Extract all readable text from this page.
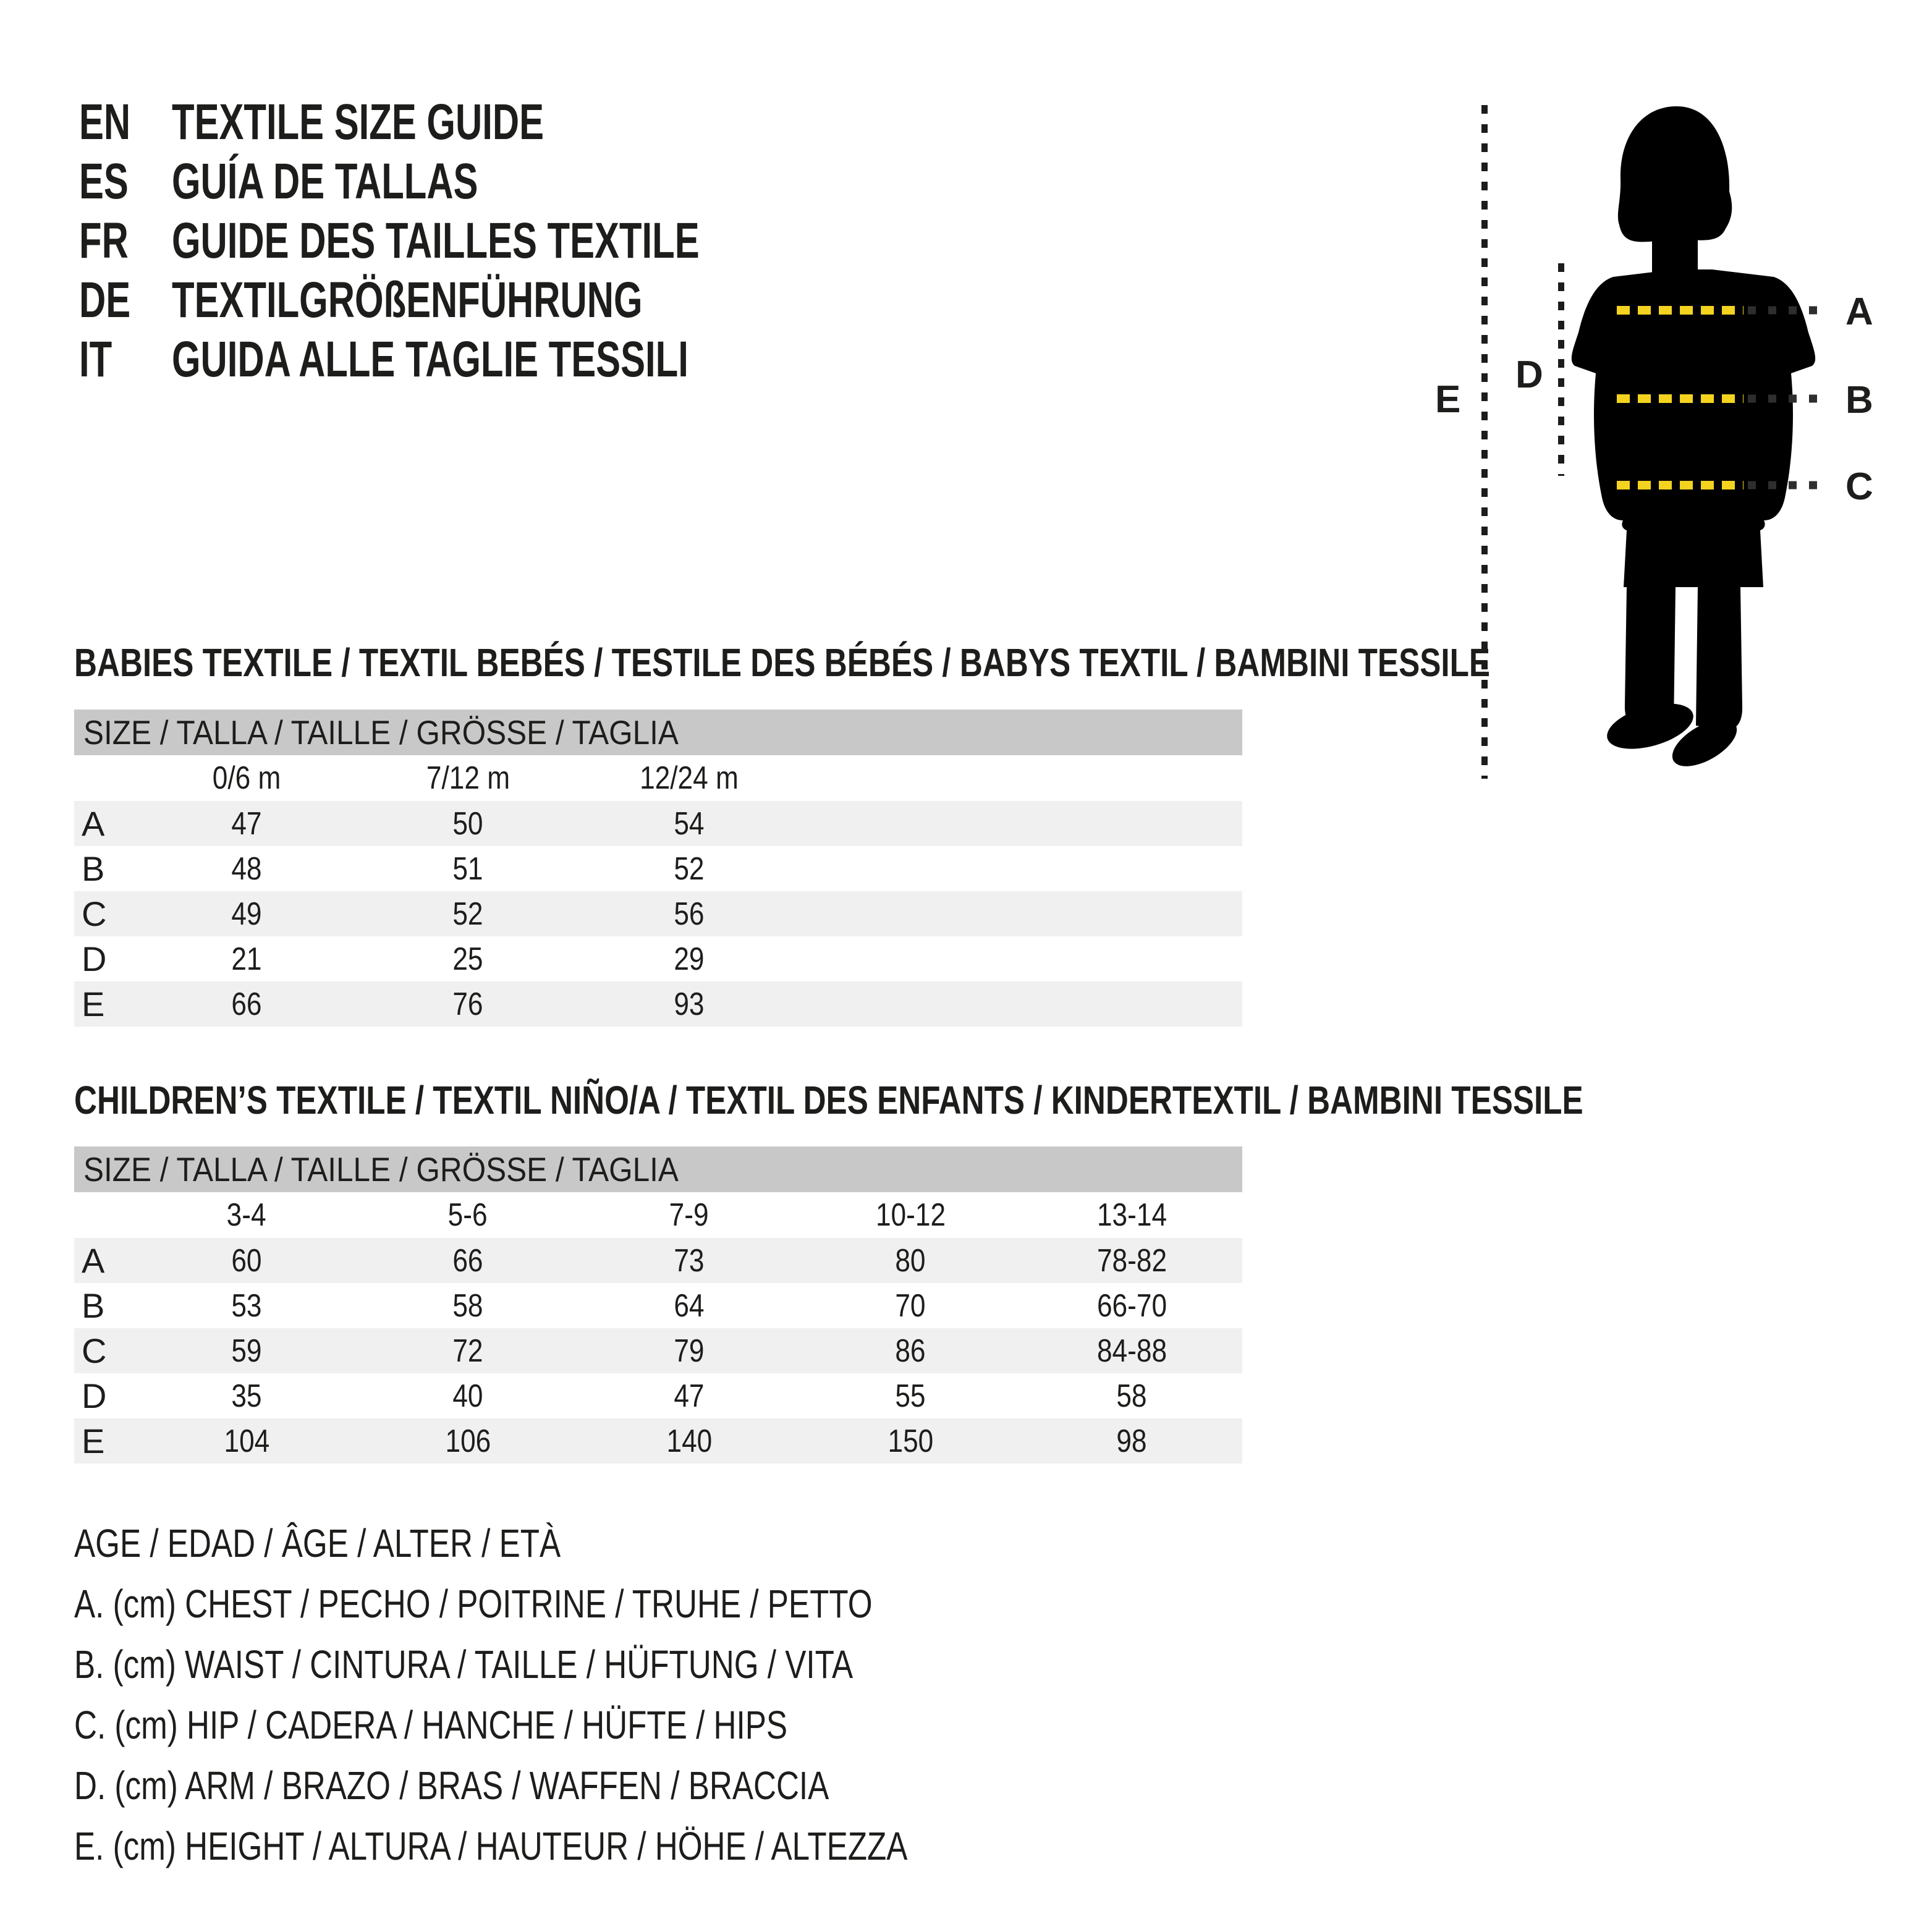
EN TEXTILE SIZE GUIDE
ES GUÍA DE TALLAS
FR GUIDE DES TAILLES TEXTILE
DE TEXTILGRÖßENFÜHRUNG
IT	GUIDA ALLE TAGLIE TESSILI
E
D
A
B
C
BABIES TEXTILE / TEXTIL BEBÉS / TESTILE DES BÉBÉS / BABYS TEXTIL / BAMBINI TESSILE
SIZE / TALLA / TAILLE / GRÖSSE / TAGLIA
0/6 m	7/12 m	12/24 m
A	47	50	54
B	48	51	52
C	49	52	56
D	21	25	29
E	66	76	93
CHILDREN’S TEXTILE / TEXTIL NIÑO/A / TEXTIL DES ENFANTS / KINDERTEXTIL / BAMBINI TESSILE
SIZE / TALLA / TAILLE / GRÖSSE / TAGLIA
3-4	5-6	7-9	10-12	13-14
A	60	66	73	80	78-82
B	53	58	64	70	66-70
C	59	72	79	86	84-88
D	35	40	47	55	58
E	104	106	140	150	98
AGE / EDAD / ÂGE / ALTER / ETÀ
A. (cm) CHEST / PECHO / POITRINE / TRUHE / PETTO
B. (cm) WAIST / CINTURA / TAILLE / HÜFTUNG / VITA
C. (cm) HIP / CADERA / HANCHE / HÜFTE / HIPS
D. (cm) ARM / BRAZO / BRAS / WAFFEN / BRACCIA
E. (cm) HEIGHT / ALTURA / HAUTEUR / HÖHE / ALTEZZA
